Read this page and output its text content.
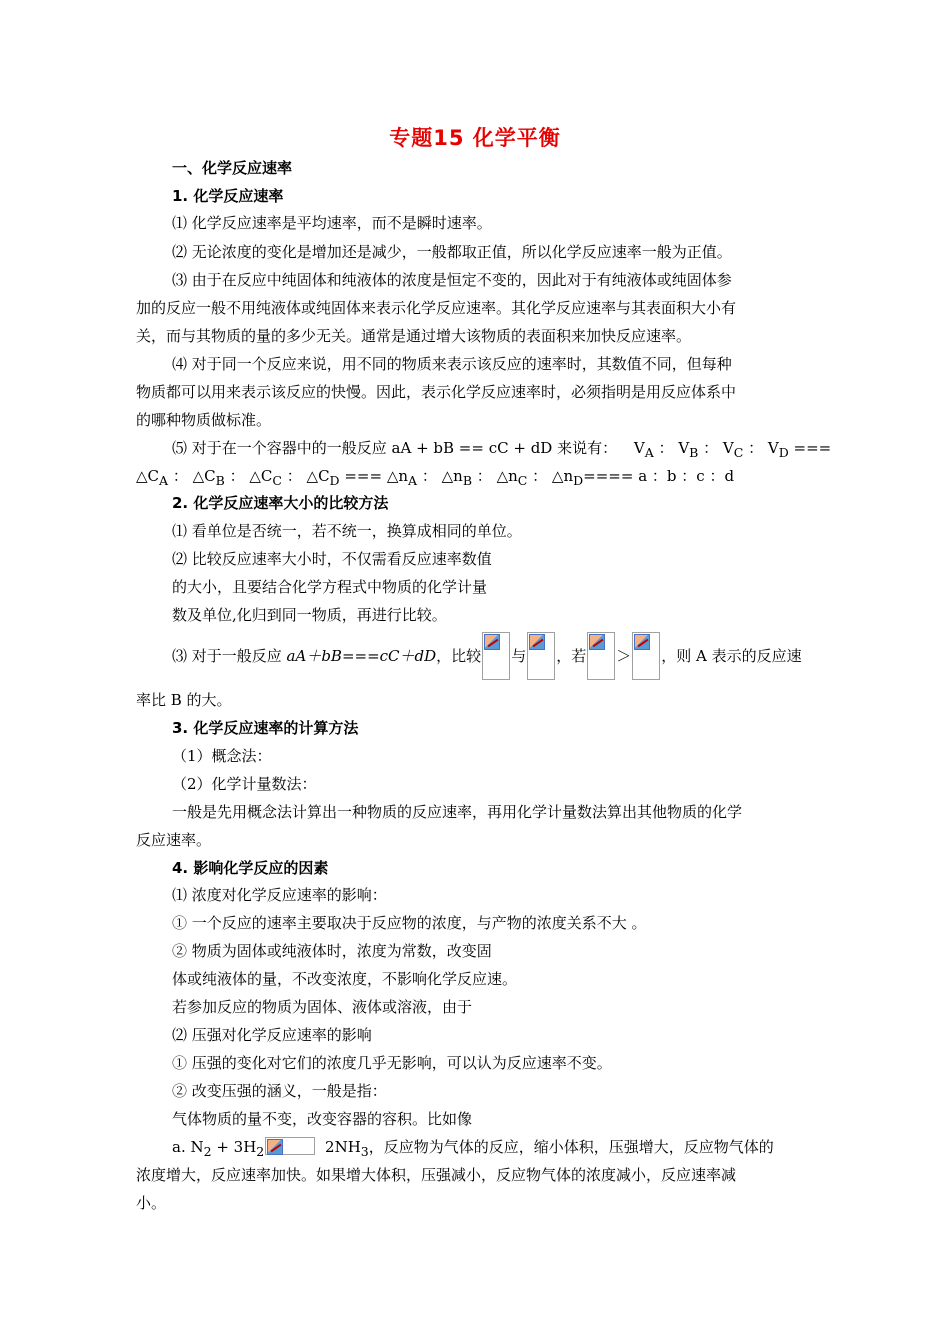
专题15 化学平衡
一、化学反应速率
1. 化学反应速率
⑴ 化学反应速率是平均速率，而不是瞬时速率。
⑵ 无论浓度的变化是增加还是减少，一般都取正值，所以化学反应速率一般为正值。
⑶ 由于在反应中纯固体和纯液体的浓度是恒定不变的，因此对于有纯液体或纯固体参
加的反应一般不用纯液体或纯固体来表示化学反应速率。其化学反应速率与其表面积大小有
关，而与其物质的量的多少无关。通常是通过增大该物质的表面积来加快反应速率。
⑷ 对于同一个反应来说，用不同的物质来表示该反应的速率时，其数值不同，但每种
物质都可以用来表示该反应的快慢。因此，表示化学反应速率时，必须指明是用反应体系中
的哪种物质做标准。
⑸ 对于在一个容器中的一般反应 aA + bB == cC + dD 来说有： $V_A$ ： $V_B$ ： $V_C$ ： $V_D$ ===
$\triangle C_A$ ： $\triangle C_B$ ： $\triangle C_C$ ： $\triangle C_D$ === $\triangle n_A$ ： $\triangle n_B$ ： $\triangle n_C$ ： $\triangle n_D==== a$ ：b ：c ：d
2. 化学反应速率大小的比较方法
⑴ 看单位是否统一，若不统一，换算成相同的单位。
⑵ 比较反应速率大小时，不仅需看反应速率数值
的大小，且要结合化学方程式中物质的化学计量
数及单位,化归到同一物质，再进行比较。
⑶ 对于一般反应 aA＋bB===cC＋dD，比较 与 ，若 ＞ ，则 A 表示的反应速
率比 B 的大。
3. 化学反应速率的计算方法
（1）概念法：
（2）化学计量数法：
一般是先用概念法计算出一种物质的反应速率，再用化学计量数法算出其他物质的化学
反应速率。
4. 影响化学反应的因素
⑴ 浓度对化学反应速率的影响：
① 一个反应的速率主要取决于反应物的浓度，与产物的浓度关系不大 。
② 物质为固体或纯液体时，浓度为常数，改变固
体或纯液体的量，不改变浓度，不影响化学反应速。
若参加反应的物质为固体、液体或溶液，由于
⑵ 压强对化学反应速率的影响
① 压强的变化对它们的浓度几乎无影响，可以认为反应速率不变。
② 改变压强的涵义，一般是指：
气体物质的量不变，改变容器的容积。比如像
a. $N_2 + 3H_2$	$2NH_3$，反应物为气体的反应，缩小体积，压强增大，反应物气体的
浓度增大，反应速率加快。如果增大体积，压强减小，反应物气体的浓度减小，反应速率减
小。
